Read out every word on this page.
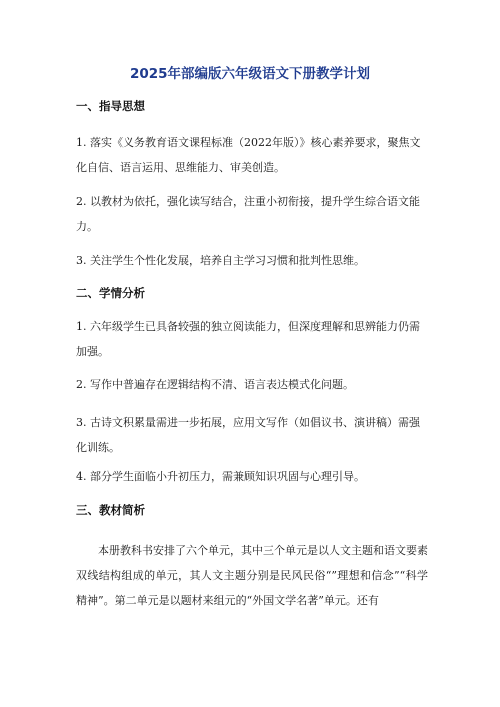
2025年部编版六年级语文下册教学计划
一、指导思想

1. 落实《义务教育语文课程标准（2022年版）》核心素养要求，聚焦文化自信、语言运用、思维能力、审美创造。

2. 以教材为依托，强化读写结合，注重小初衔接，提升学生综合语文能力。

3. 关注学生个性化发展，培养自主学习习惯和批判性思维。

二、学情分析

1. 六年级学生已具备较强的独立阅读能力，但深度理解和思辨能力仍需加强。

2. 写作中普遍存在逻辑结构不清、语言表达模式化问题。

3. 古诗文积累量需进一步拓展，应用文写作（如倡议书、演讲稿）需强化训练。

4. 部分学生面临小升初压力，需兼顾知识巩固与心理引导。

三、教材简析

本册教科书安排了六个单元，其中三个单元是以人文主题和语文要素双线结构组成的单元，其人文主题分别是民风民俗“”理想和信念”“科学精神”。第二单元是以题材来组元的“外国文学名著”单元。还有
